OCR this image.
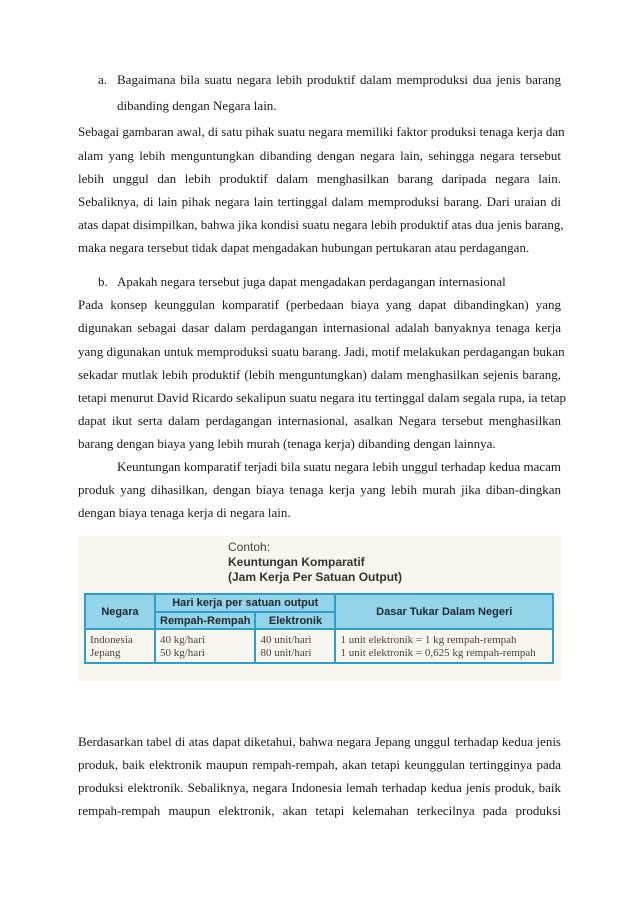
a. Bagaimana bila suatu negara lebih produktif dalam memproduksi dua jenis barang
dibanding dengan Negara lain.
Sebagai gambaran awal, di satu pihak suatu negara memiliki faktor produksi tenaga kerja dan
alam yang lebih menguntungkan dibanding dengan negara lain, sehingga negara tersebut
lebih unggul dan lebih produktif dalam menghasilkan barang daripada negara lain.
Sebaliknya, di lain pihak negara lain tertinggal dalam memproduksi barang. Dari uraian di
atas dapat disimpilkan, bahwa jika kondisi suatu negara lebih produktif atas dua jenis barang,
maka negara tersebut tidak dapat mengadakan hubungan pertukaran atau perdagangan.
b. Apakah negara tersebut juga dapat mengadakan perdagangan internasional
Pada konsep keunggulan komparatif (perbedaan biaya yang dapat dibandingkan) yang
digunakan sebagai dasar dalam perdagangan internasional adalah banyaknya tenaga kerja
yang digunakan untuk memproduksi suatu barang. Jadi, motif melakukan perdagangan bukan
sekadar mutlak lebih produktif (lebih menguntungkan) dalam menghasilkan sejenis barang,
tetapi menurut David Ricardo sekalipun suatu negara itu tertinggal dalam segala rupa, ia tetap
dapat ikut serta dalam perdagangan internasional, asalkan Negara tersebut menghasilkan
barang dengan biaya yang lebih murah (tenaga kerja) dibanding dengan lainnya.
Keuntungan komparatif terjadi bila suatu negara lebih unggul terhadap kedua macam
produk yang dihasilkan, dengan biaya tenaga kerja yang lebih murah jika diban-dingkan
dengan biaya tenaga kerja di negara lain.
Contoh:
Keuntungan Komparatif
(Jam Kerja Per Satuan Output)
Negara	Hari kerja per satuan output		Dasar Tukar Dalam Negeri
	Rempah-Rempah	Elektronik	
Indonesia	40 kg/hari	40 unit/hari	1 unit elektronik = 1 kg rempah-rempah
Jepang	50 kg/hari	80 unit/hari	1 unit elektronik = 0,625 kg rempah-rempah
Berdasarkan tabel di atas dapat diketahui, bahwa negara Jepang unggul terhadap kedua jenis
produk, baik elektronik maupun rempah-rempah, akan tetapi keunggulan tertingginya pada
produksi elektronik. Sebaliknya, negara Indonesia lemah terhadap kedua jenis produk, baik
rempah-rempah maupun elektronik, akan tetapi kelemahan terkecilnya pada produksi
